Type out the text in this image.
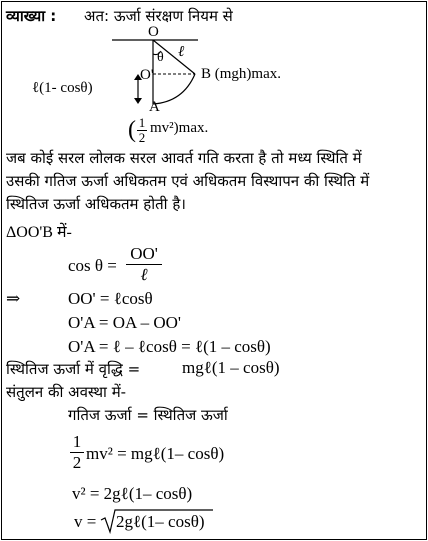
व्याख्या : अत: ऊर्जा संरक्षण नियम से
O
θ ℓ
O'	B (mgh)max.
ℓ(1- cosθ)
A
( 1
2
mv²)max.
जब कोई सरल लोलक सरल आवर्त गति करता है तो मध्य स्थिति में
उसकी गतिज ऊर्जा अधिकतम एवं अधिकतम विस्थापन की स्थिति में
स्थितिज ऊर्जा अधिकतम होती है।
ΔOO'B में-
cos θ =
OO'
ℓ
⇒	OO' = ℓcosθ
O'A = OA – OO'
O'A = ℓ – ℓcosθ = ℓ(1 – cosθ)
स्थितिज ऊर्जा में वृद्धि = mgℓ(1 – cosθ)
संतुलन की अवस्था में-
गतिज ऊर्जा = स्थितिज ऊर्जा
1
2 mv² = mgℓ(1– cosθ)
v² = 2gℓ(1– cosθ)
v = 2gℓ(1– cosθ)
